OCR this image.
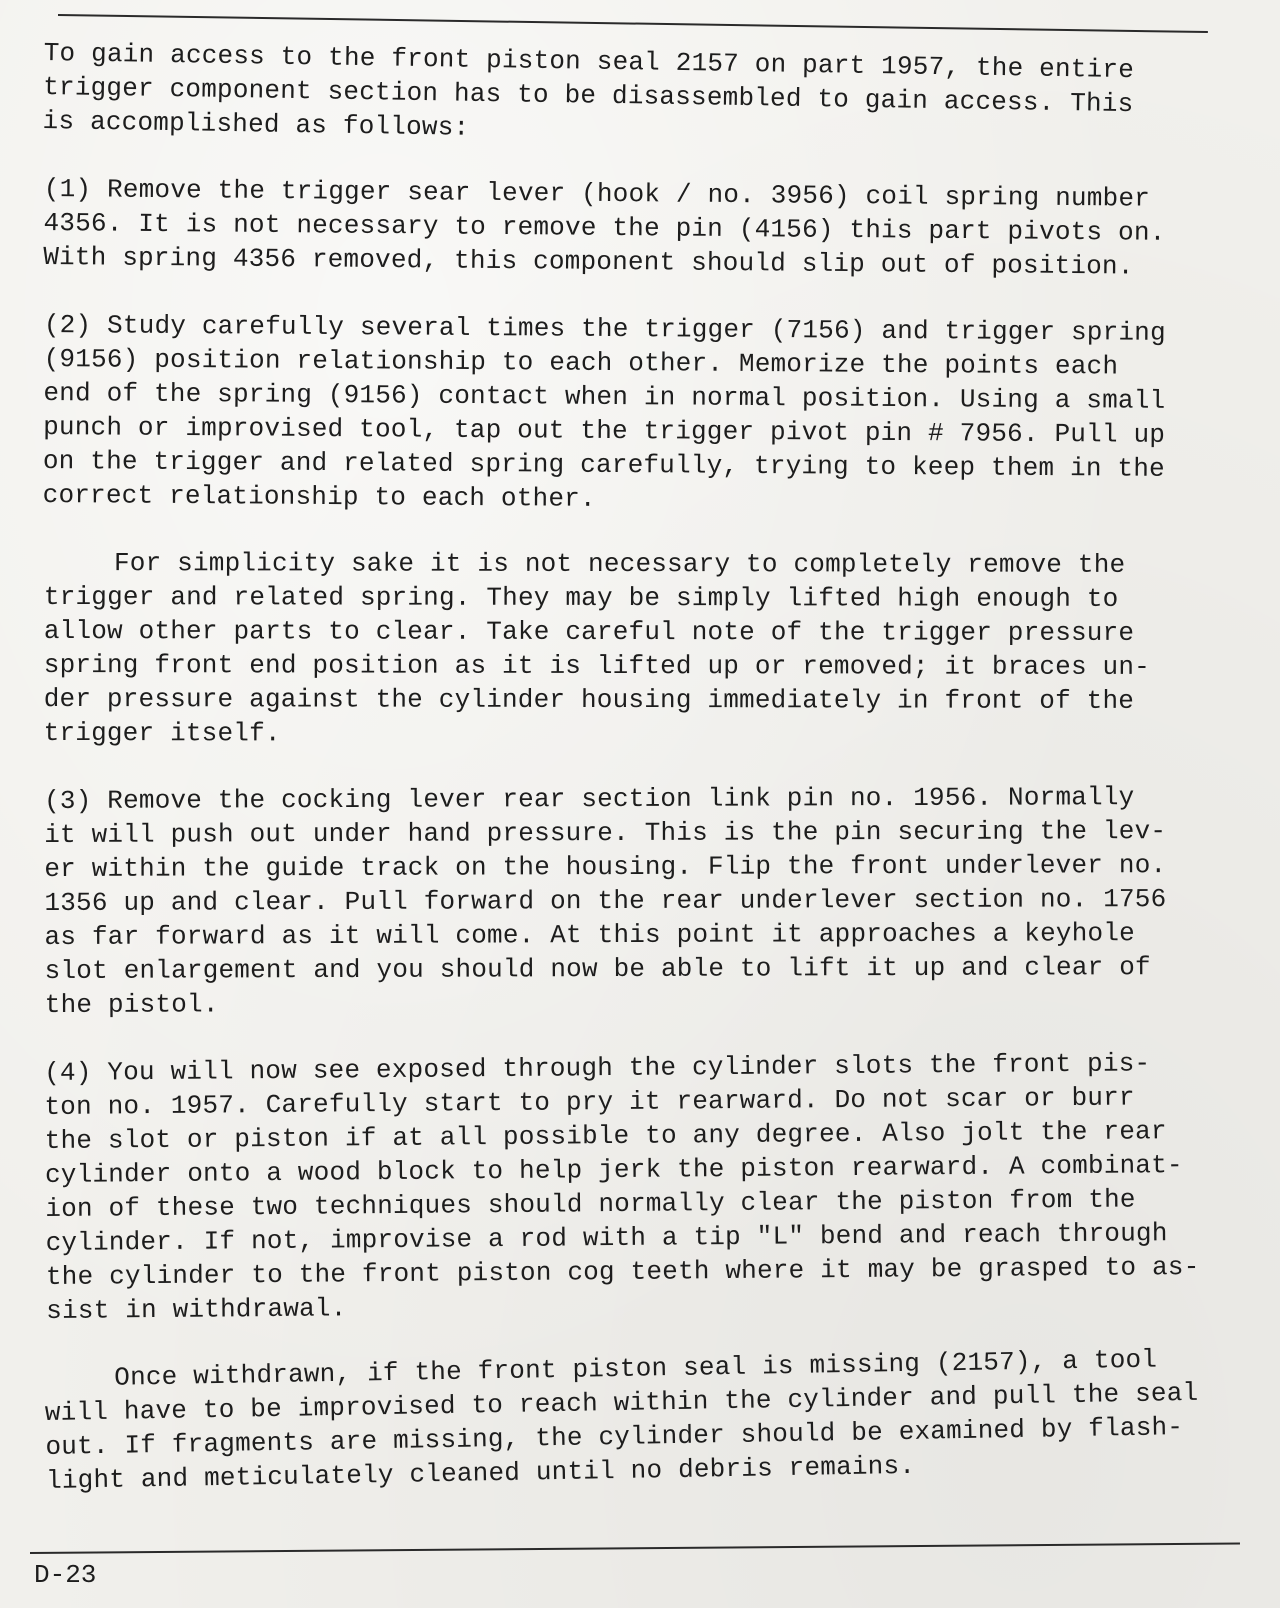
To gain access to the front piston seal 2157 on part 1957, the entire
trigger component section has to be disassembled to gain access. This
is accomplished as follows:

(1) Remove the trigger sear lever (hook / no. 3956) coil spring number
4356. It is not necessary to remove the pin (4156) this part pivots on.
With spring 4356 removed, this component should slip out of position.

(2) Study carefully several times the trigger (7156) and trigger spring
(9156) position relationship to each other. Memorize the points each
end of the spring (9156) contact when in normal position. Using a small
punch or improvised tool, tap out the trigger pivot pin # 7956. Pull up
on the trigger and related spring carefully, trying to keep them in the
correct relationship to each other.

For simplicity sake it is not necessary to completely remove the
trigger and related spring. They may be simply lifted high enough to
allow other parts to clear. Take careful note of the trigger pressure
spring front end position as it is lifted up or removed; it braces un-
der pressure against the cylinder housing immediately in front of the
trigger itself.

(3) Remove the cocking lever rear section link pin no. 1956. Normally
it will push out under hand pressure. This is the pin securing the lev-
er within the guide track on the housing. Flip the front underlever no.
1356 up and clear. Pull forward on the rear underlever section no. 1756
as far forward as it will come. At this point it approaches a keyhole
slot enlargement and you should now be able to lift it up and clear of
the pistol.

(4) You will now see exposed through the cylinder slots the front pis-
ton no. 1957. Carefully start to pry it rearward. Do not scar or burr
the slot or piston if at all possible to any degree. Also jolt the rear
cylinder onto a wood block to help jerk the piston rearward. A combinat-
ion of these two techniques should normally clear the piston from the
cylinder. If not, improvise a rod with a tip "L" bend and reach through
the cylinder to the front piston cog teeth where it may be grasped to as-
sist in withdrawal.

Once withdrawn, if the front piston seal is missing (2157), a tool
will have to be improvised to reach within the cylinder and pull the seal
out. If fragments are missing, the cylinder should be examined by flash-
light and meticulately cleaned until no debris remains.

D-23
